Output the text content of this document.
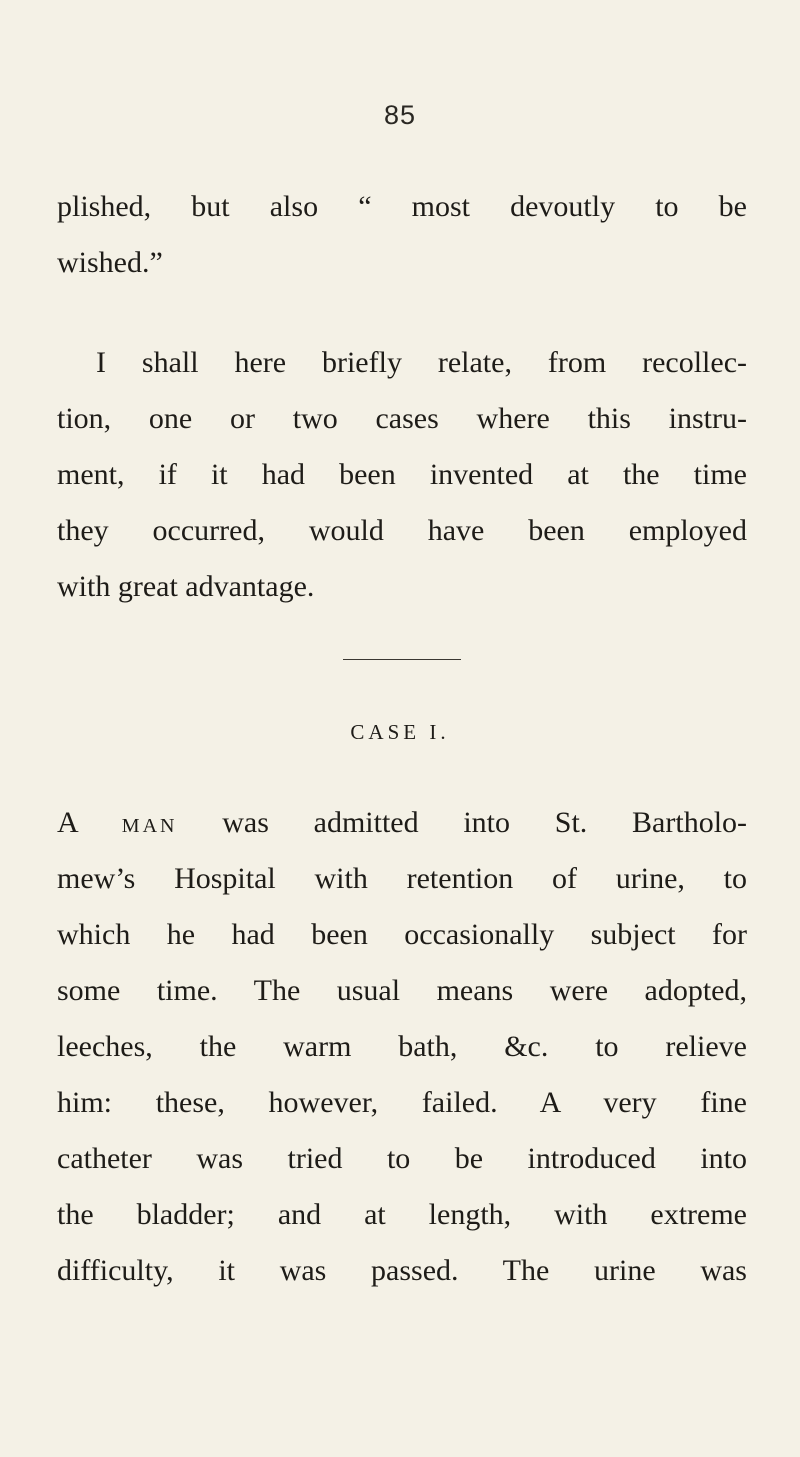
85
plished, but also “ most devoutly to be
wished.”
I shall here briefly relate, from recollec-
tion, one or two cases where this instru-
ment, if it had been invented at the time
they occurred, would have been employed
with great advantage.
CASE I.
A MAN was admitted into St. Bartholo-
mew’s Hospital with retention of urine, to
which he had been occasionally subject for
some time. The usual means were adopted,
leeches, the warm bath, &c. to relieve
him: these, however, failed. A very fine
catheter was tried to be introduced into
the bladder; and at length, with extreme
difficulty, it was passed. The urine was
